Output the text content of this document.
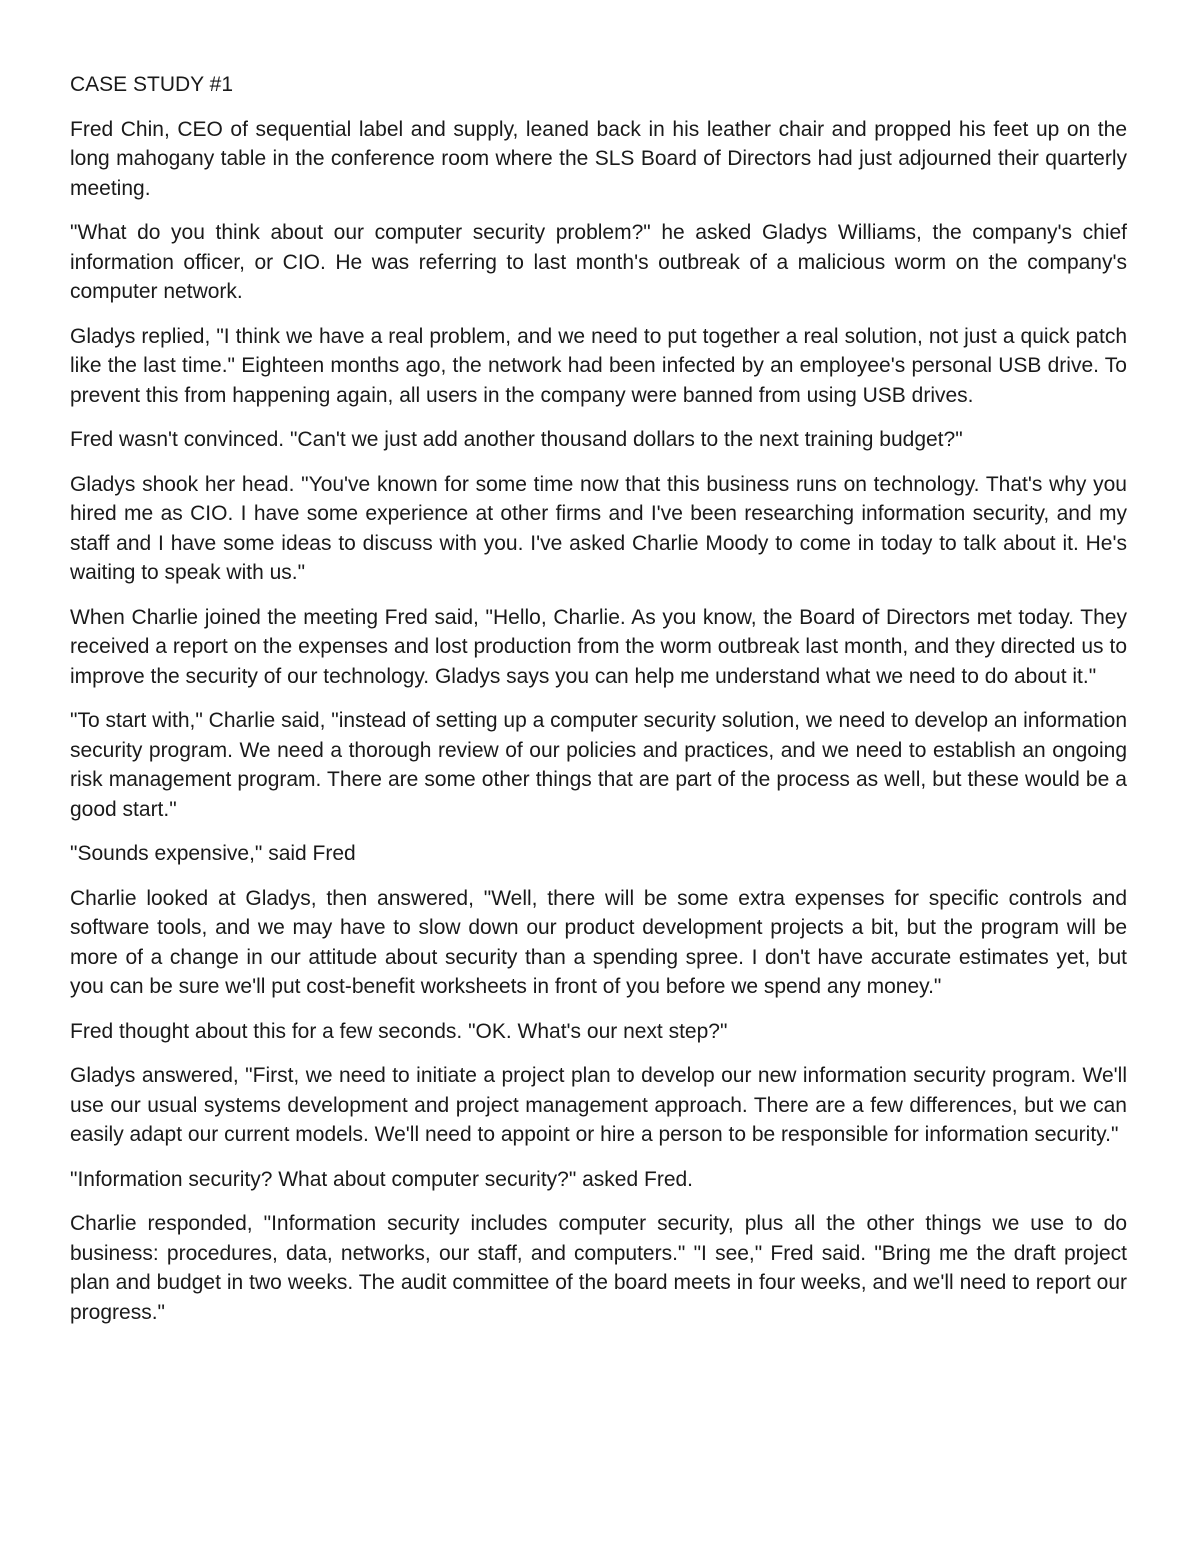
CASE STUDY #1

Fred Chin, CEO of sequential label and supply, leaned back in his leather chair and propped his feet up on the long mahogany table in the conference room where the SLS Board of Directors had just adjourned their quarterly meeting.

"What do you think about our computer security problem?" he asked Gladys Williams, the company's chief information officer, or CIO. He was referring to last month's outbreak of a malicious worm on the company's computer network.

Gladys replied, "I think we have a real problem, and we need to put together a real solution, not just a quick patch like the last time." Eighteen months ago, the network had been infected by an employee's personal USB drive. To prevent this from happening again, all users in the company were banned from using USB drives.

Fred wasn't convinced. "Can't we just add another thousand dollars to the next training budget?"

Gladys shook her head. "You've known for some time now that this business runs on technology. That's why you hired me as CIO. I have some experience at other firms and I've been researching information security, and my staff and I have some ideas to discuss with you. I've asked Charlie Moody to come in today to talk about it. He's waiting to speak with us."

When Charlie joined the meeting Fred said, "Hello, Charlie. As you know, the Board of Directors met today. They received a report on the expenses and lost production from the worm outbreak last month, and they directed us to improve the security of our technology. Gladys says you can help me understand what we need to do about it."

"To start with," Charlie said, "instead of setting up a computer security solution, we need to develop an information security program. We need a thorough review of our policies and practices, and we need to establish an ongoing risk management program. There are some other things that are part of the process as well, but these would be a good start."

"Sounds expensive," said Fred

Charlie looked at Gladys, then answered, "Well, there will be some extra expenses for specific controls and software tools, and we may have to slow down our product development projects a bit, but the program will be more of a change in our attitude about security than a spending spree. I don't have accurate estimates yet, but you can be sure we'll put cost-benefit worksheets in front of you before we spend any money."

Fred thought about this for a few seconds. "OK. What's our next step?"

Gladys answered, "First, we need to initiate a project plan to develop our new information security program. We'll use our usual systems development and project management approach. There are a few differences, but we can easily adapt our current models. We'll need to appoint or hire a person to be responsible for information security."

"Information security? What about computer security?" asked Fred.

Charlie responded, "Information security includes computer security, plus all the other things we use to do business: procedures, data, networks, our staff, and computers." "I see," Fred said. "Bring me the draft project plan and budget in two weeks. The audit committee of the board meets in four weeks, and we'll need to report our progress."
